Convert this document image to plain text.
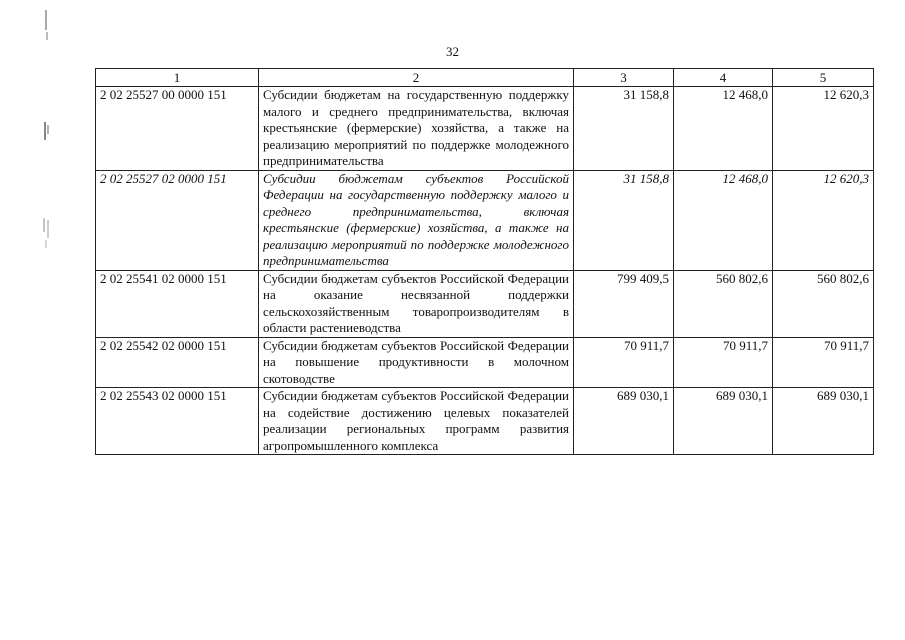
32
1	2	3	4	5
2 02 25527 00 0000 151	Субсидии бюджетам на государственную поддержку малого и среднего предпринимательства, включая крестьянские (фермерские) хозяйства, а также на реализацию мероприятий по поддержке молодежного предпринимательства	31 158,8	12 468,0	12 620,3
2 02 25527 02 0000 151	Субсидии бюджетам субъектов Российской Федерации на государственную поддержку малого и среднего предпринимательства, включая крестьянские (фермерские) хозяйства, а также на реализацию мероприятий по поддержке молодежного предпринимательства	31 158,8	12 468,0	12 620,3
2 02 25541 02 0000 151	Субсидии бюджетам субъектов Российской Федерации на оказание несвязанной поддержки сельскохозяйственным товаропроизводителям в области растениеводства	799 409,5	560 802,6	560 802,6
2 02 25542 02 0000 151	Субсидии бюджетам субъектов Российской Федерации на повышение продуктивности в молочном скотоводстве	70 911,7	70 911,7	70 911,7
2 02 25543 02 0000 151	Субсидии бюджетам субъектов Российской Федерации на содействие достижению целевых показателей реализации региональных программ развития агропромышленного комплекса	689 030,1	689 030,1	689 030,1
